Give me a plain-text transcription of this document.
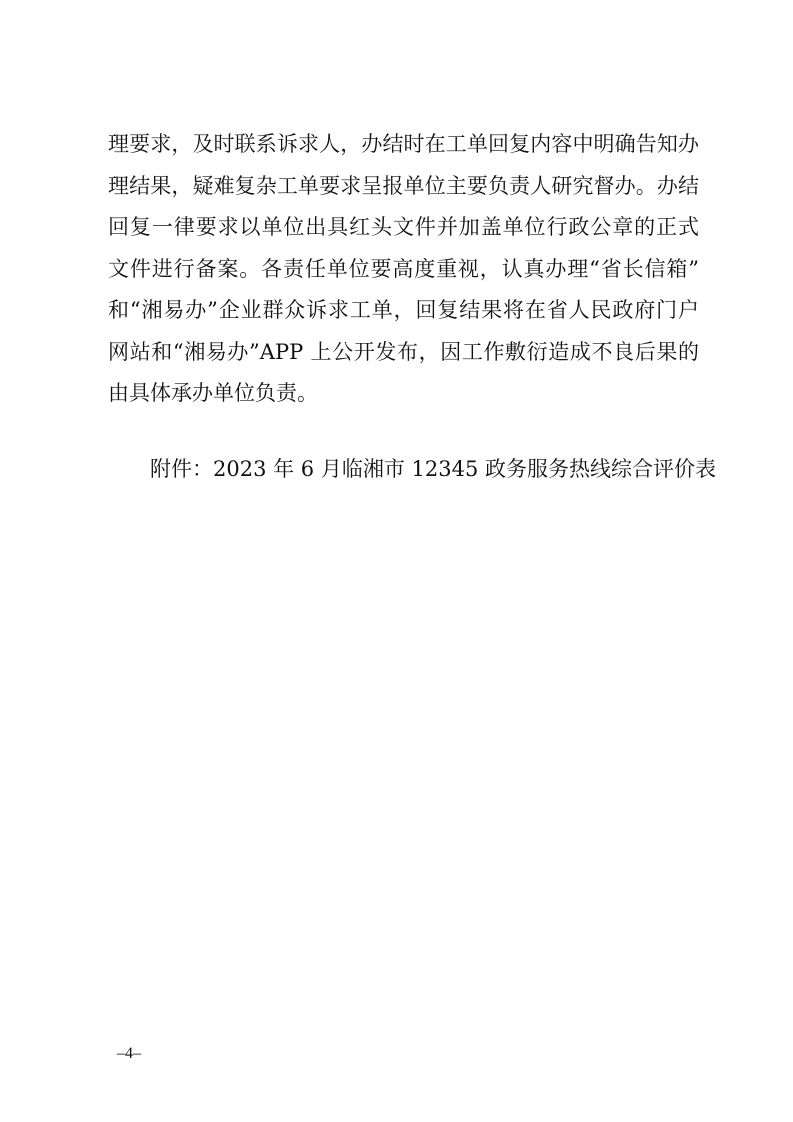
理要求，及时联系诉求人，办结时在工单回复内容中明确告知办
理结果，疑难复杂工单要求呈报单位主要负责人研究督办。办结
回复一律要求以单位出具红头文件并加盖单位行政公章的正式
文件进行备案。各责任单位要高度重视，认真办理“省长信箱”
和“湘易办”企业群众诉求工单，回复结果将在省人民政府门户
网站和“湘易办”APP 上公开发布，因工作敷衍造成不良后果的
由具体承办单位负责。
附件：2023 年 6 月临湘市 12345 政务服务热线综合评价表
–4–
